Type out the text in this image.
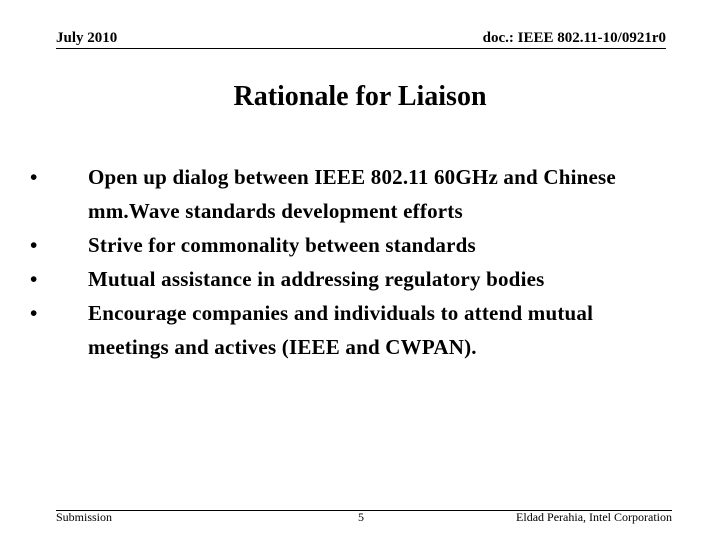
July 2010	doc.: IEEE 802.11-10/0921r0
Rationale for Liaison
• Open up dialog between IEEE 802.11 60GHz and Chinese mm.Wave standards development efforts
• Strive for commonality between standards
• Mutual assistance in addressing regulatory bodies
• Encourage companies and individuals to attend mutual meetings and actives (IEEE and CWPAN).
Submission	5	Eldad Perahia, Intel Corporation
